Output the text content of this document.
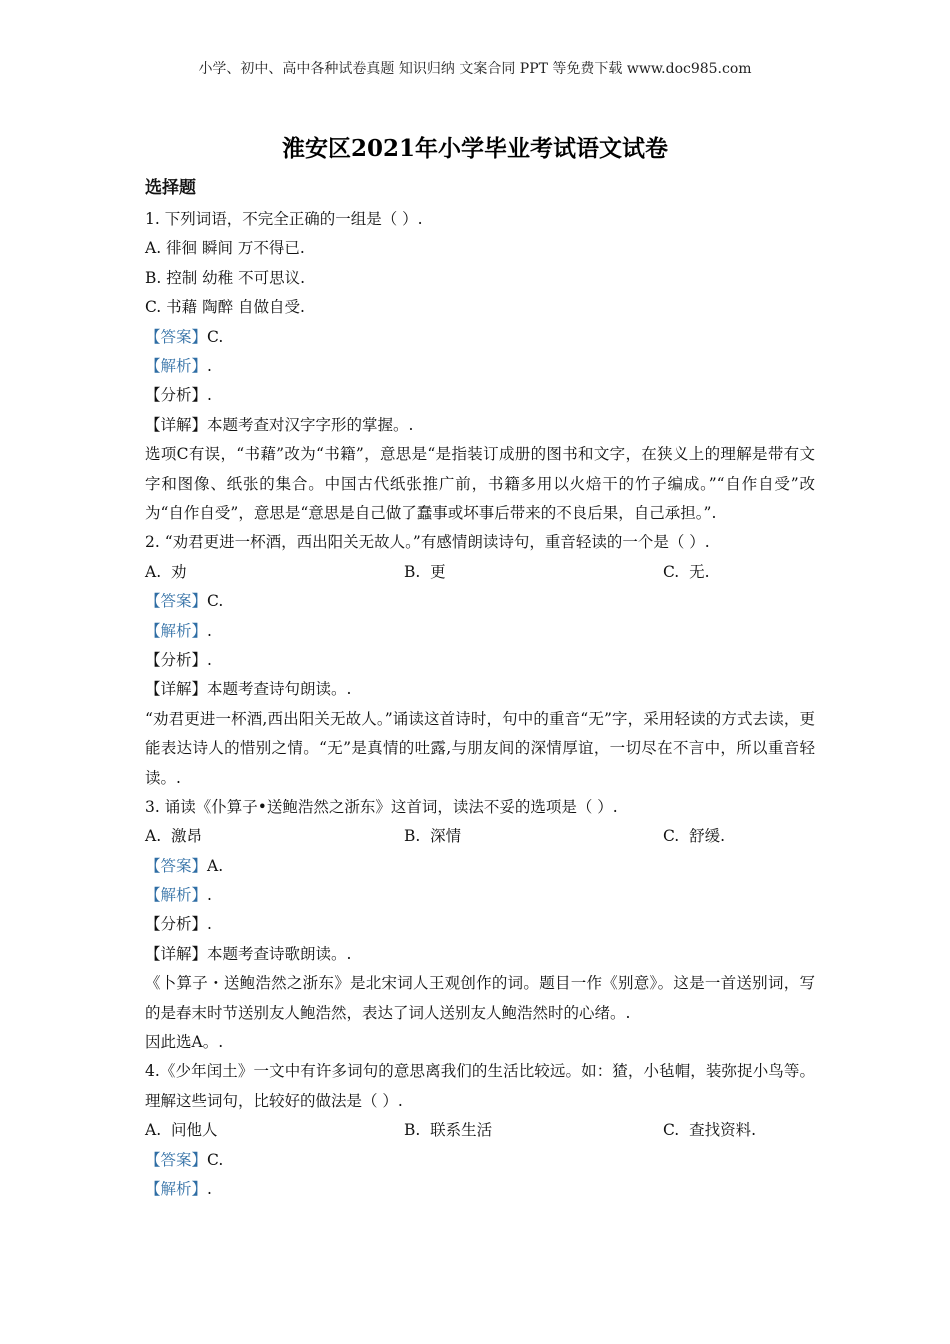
小学、初中、高中各种试卷真题 知识归纳 文案合同 PPT 等免费下载 www.doc985.com
淮安区2021年小学毕业考试语文试卷
选择题
1. 下列词语，不完全正确的一组是（ ）.
A. 徘徊 瞬间 万不得已.
B. 控制 幼稚 不可思议.
C. 书藉 陶醉 自做自受.
【答案】C.
【解析】.
【分析】.
【详解】本题考查对汉字字形的掌握。.
选项C有误，“书藉”改为“书籍”，意思是“是指装订成册的图书和文字，在狭义上的理解是带有文字和图像、纸张的集合。中国古代纸张推广前，书籍多用以火焙干的竹子编成。”“自作自受”改为“自作自受”，意思是“意思是自己做了蠢事或坏事后带来的不良后果，自己承担。”.
2. “劝君更进一杯酒，西出阳关无故人。”有感情朗读诗句，重音轻读的一个是（ ）.
A.  劝	B.  更	C.  无.
【答案】C.
【解析】.
【分析】.
【详解】本题考查诗句朗读。.
“劝君更进一杯酒,西出阳关无故人。”诵读这首诗时，句中的重音“无”字，采用轻读的方式去读，更能表达诗人的惜别之情。“无”是真情的吐露,与朋友间的深情厚谊，一切尽在不言中，所以重音轻读。.
3. 诵读《仆算子•送鲍浩然之浙东》这首词，读法不妥的选项是（ ）.
A.  激昂	B.  深情	C.  舒缓.
【答案】A.
【解析】.
【分析】.
【详解】本题考查诗歌朗读。.
《卜算子・送鲍浩然之浙东》是北宋词人王观创作的词。题目一作《别意》。这是一首送别词，写的是春末时节送别友人鲍浩然，表达了词人送别友人鲍浩然时的心绪。.
因此选A。.
4.《少年闰土》一文中有许多词句的意思离我们的生活比较远。如：猹，小毡帽，装弥捉小鸟等。理解这些词句，比较好的做法是（ ）.
A.  问他人	B.  联系生活	C.  查找资料.
【答案】C.
【解析】.
